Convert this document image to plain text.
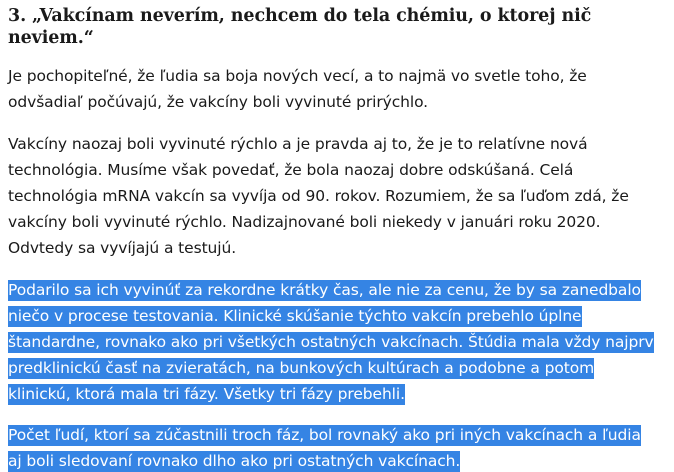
3. „Vakcínam neverím, nechcem do tela chémiu, o ktorej nič neviem.“

Je pochopiteľné, že ľudia sa boja nových vecí, a to najmä vo svetle toho, že
odvšadiaľ počúvajú, že vakcíny boli vyvinuté prirýchlo.

Vakcíny naozaj boli vyvinuté rýchlo a je pravda aj to, že je to relatívne nová
technológia. Musíme však povedať, že bola naozaj dobre odskúšaná. Celá
technológia mRNA vakcín sa vyvíja od 90. rokov. Rozumiem, že sa ľuďom zdá, že
vakcíny boli vyvinuté rýchlo. Nadizajnované boli niekedy v januári roku 2020.
Odvtedy sa vyvíjajú a testujú.

Podarilo sa ich vyvinúť za rekordne krátky čas, ale nie za cenu, že by sa zanedbalo
niečo v procese testovania. Klinické skúšanie týchto vakcín prebehlo úplne
štandardne, rovnako ako pri všetkých ostatných vakcínach. Štúdia mala vždy najprv
predklinickú časť na zvieratách, na bunkových kultúrach a podobne a potom
klinickú, ktorá mala tri fázy. Všetky tri fázy prebehli.

Počet ľudí, ktorí sa zúčastnili troch fáz, bol rovnaký ako pri iných vakcínach a ľudia
aj boli sledovaní rovnako dlho ako pri ostatných vakcínach.
